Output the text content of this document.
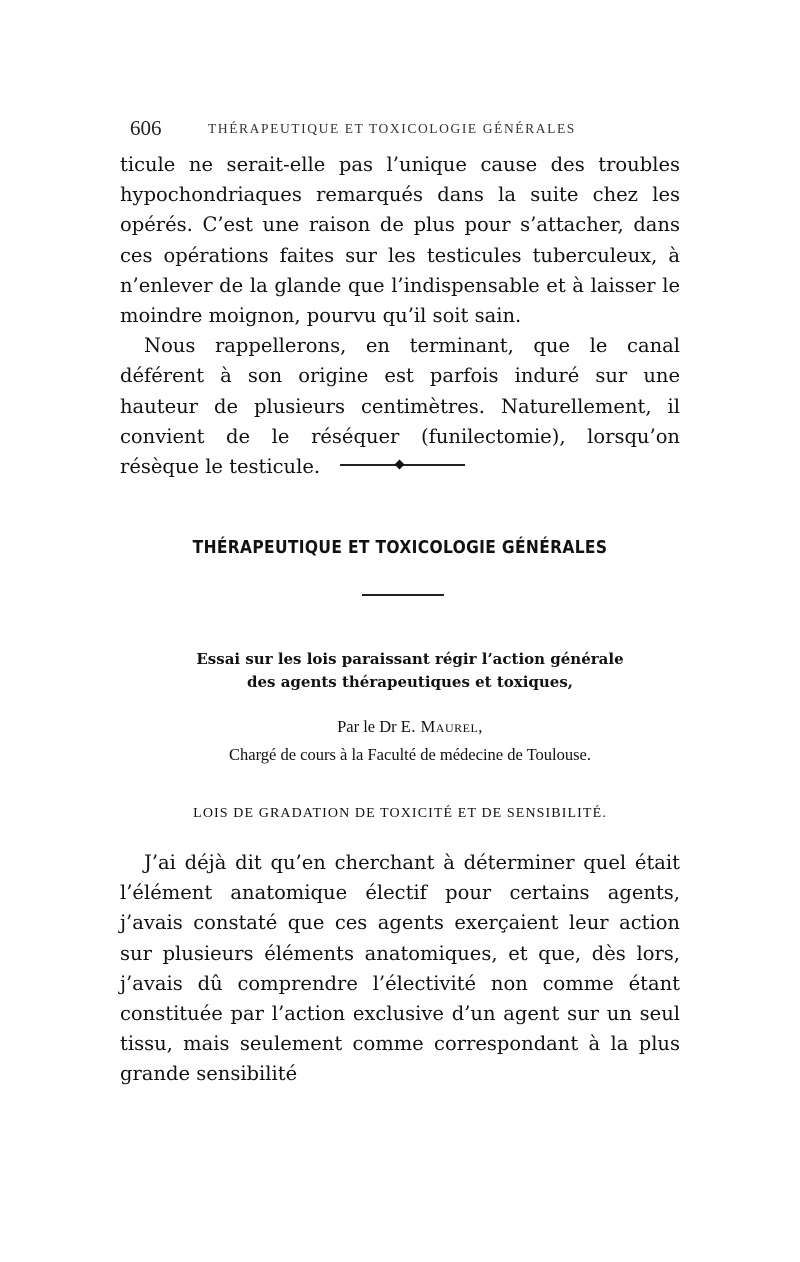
606	THÉRAPEUTIQUE ET TOXICOLOGIE GÉNÉRALES

ticule ne serait-elle pas l’unique cause des troubles hypochondriaques remarqués dans la suite chez les opérés. C’est une raison de plus pour s’attacher, dans ces opérations faites sur les testicules tuberculeux, à n’enlever de la glande que l’indispensable et à laisser le moindre moignon, pourvu qu’il soit sain.

Nous rappellerons, en terminant, que le canal déférent à son origine est parfois induré sur une hauteur de plusieurs centimètres. Naturellement, il convient de le réséquer (funilectomie), lorsqu’on résèque le testicule.

THÉRAPEUTIQUE ET TOXICOLOGIE GÉNÉRALES
Essai sur les lois paraissant régir l’action générale
des agents thérapeutiques et toxiques,
Par le Dr E. Maurel,
Chargé de cours à la Faculté de médecine de Toulouse.
LOIS DE GRADATION DE TOXICITÉ ET DE SENSIBILITÉ.

J’ai déjà dit qu’en cherchant à déterminer quel était l’élément anatomique électif pour certains agents, j’avais constaté que ces agents exerçaient leur action sur plusieurs éléments anatomiques, et que, dès lors, j’avais dû comprendre l’électivité non comme étant constituée par l’action exclusive d’un agent sur un seul tissu, mais seulement comme correspondant à la plus grande sensibilité
